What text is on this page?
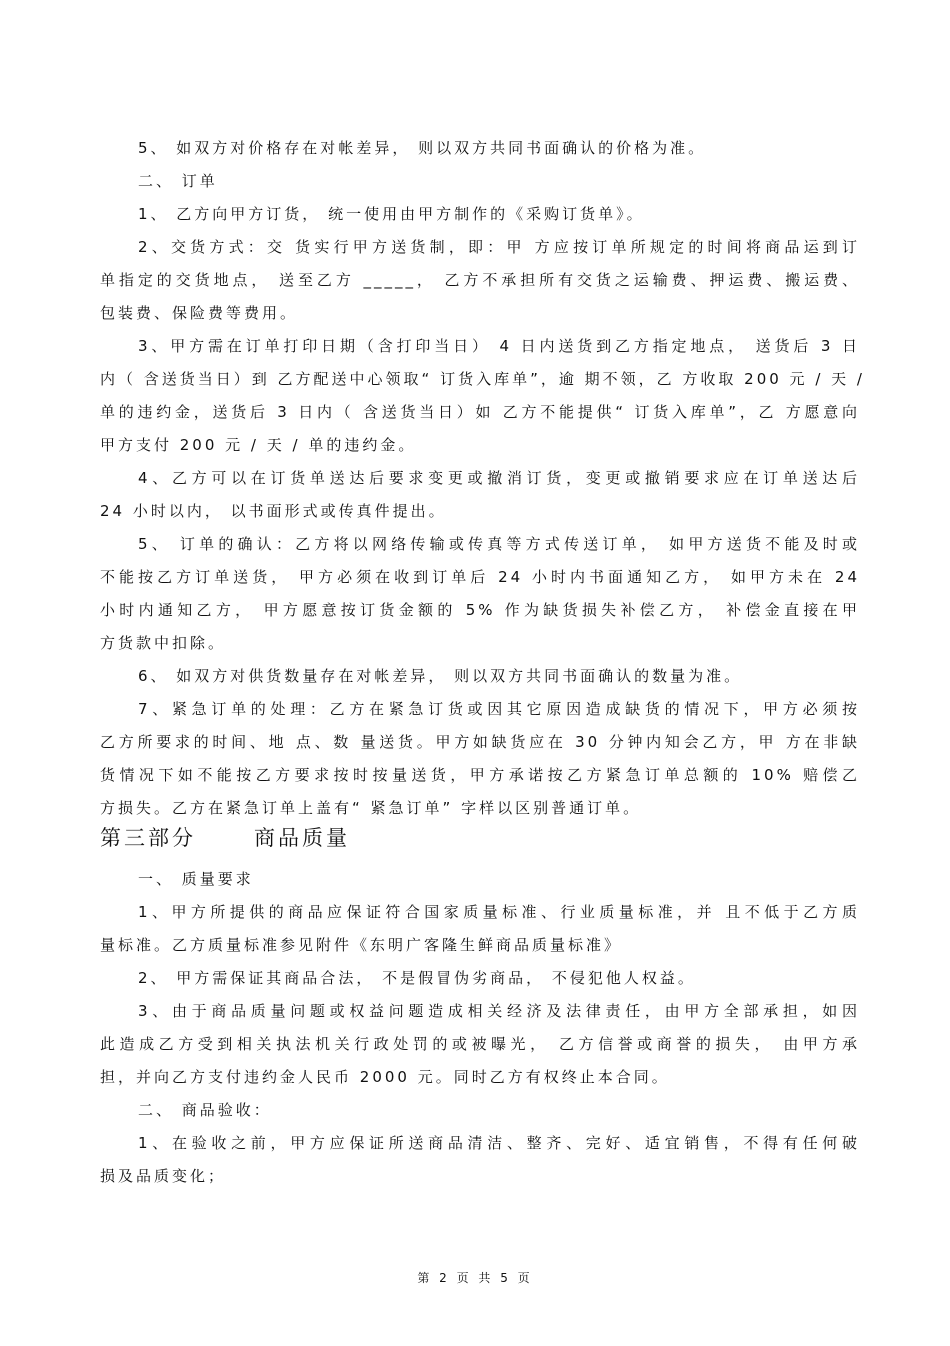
5、 如双方对价格存在对帐差异， 则以双方共同书面确认的价格为准。
二、 订单
1、 乙方向甲方订货， 统一使用由甲方制作的《采购订货单》。
2、交货方式：交 货实行甲方送货制，即：甲 方应按订单所规定的时间将商品运到订
单指定的交货地点， 送至乙方 _____， 乙方不承担所有交货之运输费、押运费、搬运费、
包装费、保险费等费用。
3、甲方需在订单打印日期（含打印当日） 4 日内送货到乙方指定地点， 送货后 3 日
内（ 含送货当日）到 乙方配送中心领取“ 订货入库单”，逾 期不领，乙 方收取 200 元 / 天 /
单的违约金，送货后 3 日内（ 含送货当日）如 乙方不能提供“ 订货入库单”，乙 方愿意向
甲方支付 200 元 / 天 / 单的违约金。
4、乙方可以在订货单送达后要求变更或撤消订货，变更或撤销要求应在订单送达后
24 小时以内， 以书面形式或传真件提出。
5、 订单的确认：乙方将以网络传输或传真等方式传送订单， 如甲方送货不能及时或
不能按乙方订单送货， 甲方必须在收到订单后 24 小时内书面通知乙方， 如甲方未在 24
小时内通知乙方， 甲方愿意按订货金额的 5% 作为缺货损失补偿乙方， 补偿金直接在甲
方货款中扣除。
6、 如双方对供货数量存在对帐差异， 则以双方共同书面确认的数量为准。
7、紧急订单的处理：乙方在紧急订货或因其它原因造成缺货的情况下，甲方必须按
乙方所要求的时间、地 点、数 量送货。甲方如缺货应在 30 分钟内知会乙方，甲 方在非缺
货情况下如不能按乙方要求按时按量送货，甲方承诺按乙方紧急订单总额的 10% 赔偿乙
方损失。乙方在紧急订单上盖有“ 紧急订单” 字样以区别普通订单。
第三部分      商品质量
一、 质量要求
1、甲方所提供的商品应保证符合国家质量标准、行业质量标准，并 且不低于乙方质
量标准。乙方质量标准参见附件《东明广客隆生鲜商品质量标准》
2、 甲方需保证其商品合法， 不是假冒伪劣商品， 不侵犯他人权益。
3、由于商品质量问题或权益问题造成相关经济及法律责任，由甲方全部承担，如因
此造成乙方受到相关执法机关行政处罚的或被曝光， 乙方信誉或商誉的损失， 由甲方承
担，并向乙方支付违约金人民币 2000 元。同时乙方有权终止本合同。
二、 商品验收：
1、在验收之前，甲方应保证所送商品清洁、整齐、完好、适宜销售，不得有任何破
损及品质变化；
第 2 页 共 5 页
